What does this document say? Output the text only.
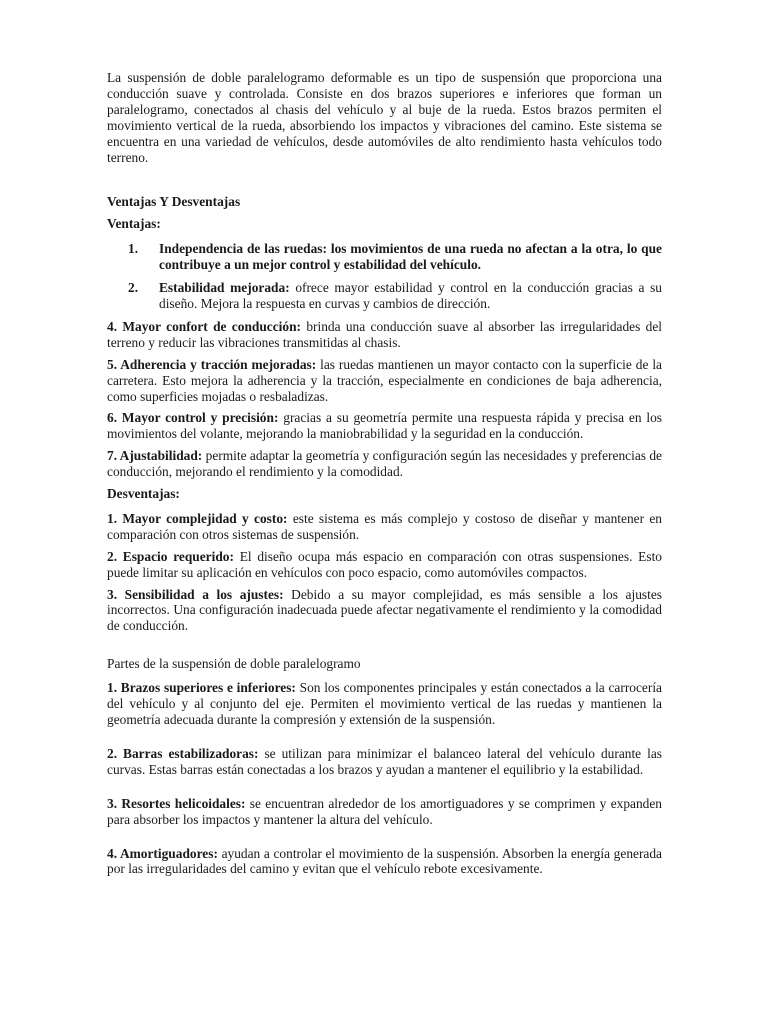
La suspensión de doble paralelogramo deformable es un tipo de suspensión que proporciona una conducción suave y controlada. Consiste en dos brazos superiores e inferiores que forman un paralelogramo, conectados al chasis del vehículo y al buje de la rueda. Estos brazos permiten el movimiento vertical de la rueda, absorbiendo los impactos y vibraciones del camino. Este sistema se encuentra en una variedad de vehículos, desde automóviles de alto rendimiento hasta vehículos todo terreno.

Ventajas Y Desventajas

Ventajas:

1.	Independencia de las ruedas: los movimientos de una rueda no afectan a la otra, lo que contribuye a un mejor control y estabilidad del vehículo.

2.	Estabilidad mejorada: ofrece mayor estabilidad y control en la conducción gracias a su diseño. Mejora la respuesta en curvas y cambios de dirección.

4. Mayor confort de conducción: brinda una conducción suave al absorber las irregularidades del terreno y reducir las vibraciones transmitidas al chasis.

5. Adherencia y tracción mejoradas: las ruedas mantienen un mayor contacto con la superficie de la carretera. Esto mejora la adherencia y la tracción, especialmente en condiciones de baja adherencia, como superficies mojadas o resbaladizas.

6. Mayor control y precisión: gracias a su geometría permite una respuesta rápida y precisa en los movimientos del volante, mejorando la maniobrabilidad y la seguridad en la conducción.

7. Ajustabilidad: permite adaptar la geometría y configuración según las necesidades y preferencias de conducción, mejorando el rendimiento y la comodidad.

Desventajas:

1. Mayor complejidad y costo: este sistema es más complejo y costoso de diseñar y mantener en comparación con otros sistemas de suspensión.

2. Espacio requerido: El diseño ocupa más espacio en comparación con otras suspensiones. Esto puede limitar su aplicación en vehículos con poco espacio, como automóviles compactos.

3. Sensibilidad a los ajustes: Debido a su mayor complejidad, es más sensible a los ajustes incorrectos. Una configuración inadecuada puede afectar negativamente el rendimiento y la comodidad de conducción.

Partes de la suspensión de doble paralelogramo

1. Brazos superiores e inferiores: Son los componentes principales y están conectados a la carrocería del vehículo y al conjunto del eje. Permiten el movimiento vertical de las ruedas y mantienen la geometría adecuada durante la compresión y extensión de la suspensión.

2. Barras estabilizadoras: se utilizan para minimizar el balanceo lateral del vehículo durante las curvas. Estas barras están conectadas a los brazos y ayudan a mantener el equilibrio y la estabilidad.

3. Resortes helicoidales: se encuentran alrededor de los amortiguadores y se comprimen y expanden para absorber los impactos y mantener la altura del vehículo.

4. Amortiguadores: ayudan a controlar el movimiento de la suspensión. Absorben la energía generada por las irregularidades del camino y evitan que el vehículo rebote excesivamente.
